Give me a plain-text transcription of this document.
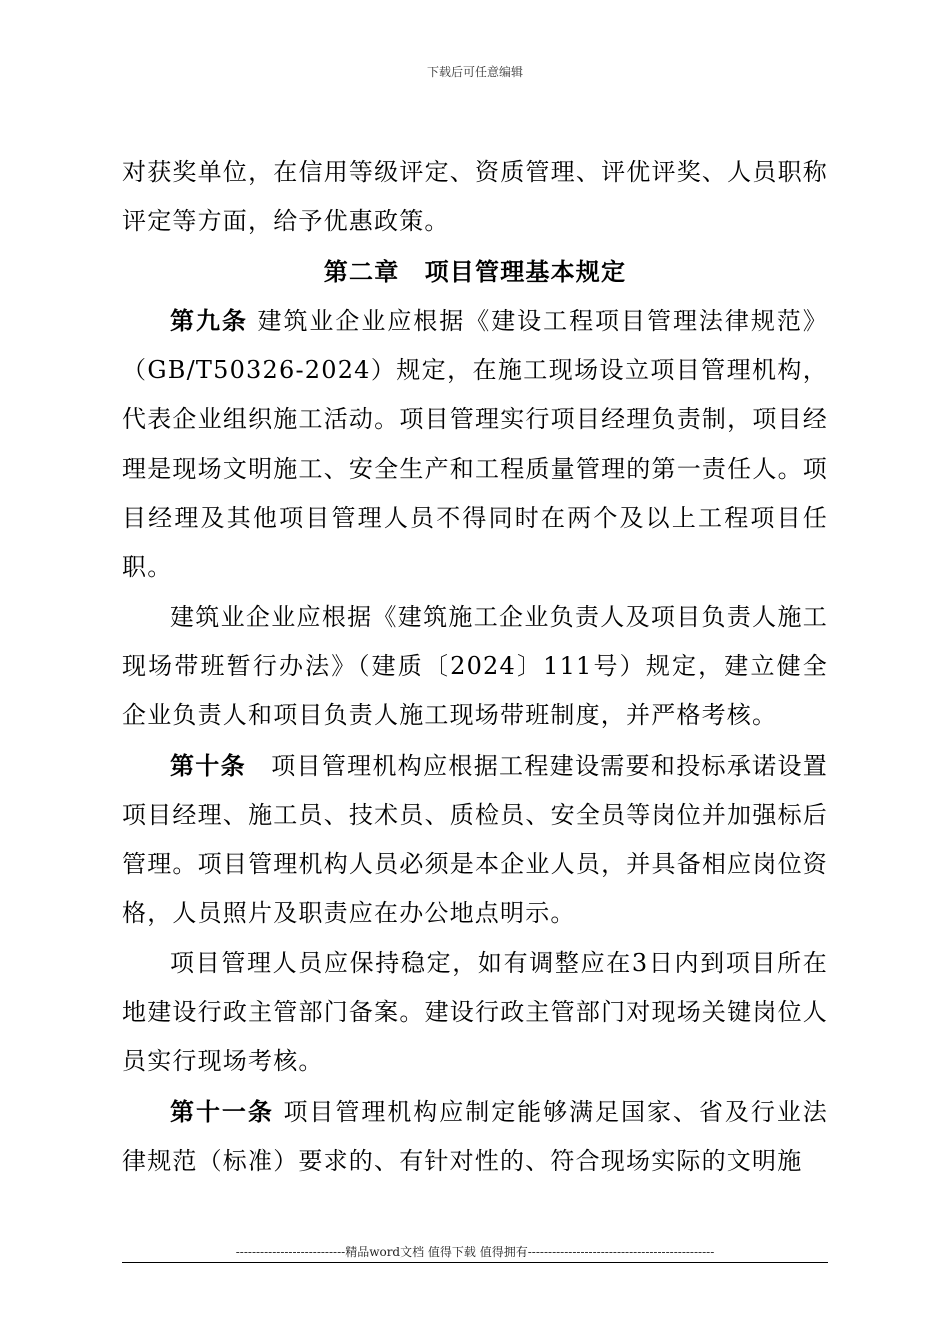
下载后可任意编辑

对获奖单位，在信用等级评定、资质管理、评优评奖、人员职称评定等方面，给予优惠政策。

第二章　项目管理基本规定

第九条 建筑业企业应根据《建设工程项目管理法律规范》（GB/T50326-2024）规定，在施工现场设立项目管理机构，代表企业组织施工活动。项目管理实行项目经理负责制，项目经理是现场文明施工、安全生产和工程质量管理的第一责任人。项目经理及其他项目管理人员不得同时在两个及以上工程项目任职。

建筑业企业应根据《建筑施工企业负责人及项目负责人施工现场带班暂行办法》（建质〔2024〕111号）规定，建立健全企业负责人和项目负责人施工现场带班制度，并严格考核。

第十条　项目管理机构应根据工程建设需要和投标承诺设置项目经理、施工员、技术员、质检员、安全员等岗位并加强标后管理。项目管理机构人员必须是本企业人员，并具备相应岗位资格，人员照片及职责应在办公地点明示。

项目管理人员应保持稳定，如有调整应在3日内到项目所在地建设行政主管部门备案。建设行政主管部门对现场关键岗位人员实行现场考核。

第十一条 项目管理机构应制定能够满足国家、省及行业法律规范（标准）要求的、有针对性的、符合现场实际的文明施

---------------------------精品word文档 值得下载 值得拥有----------------------------------------------
